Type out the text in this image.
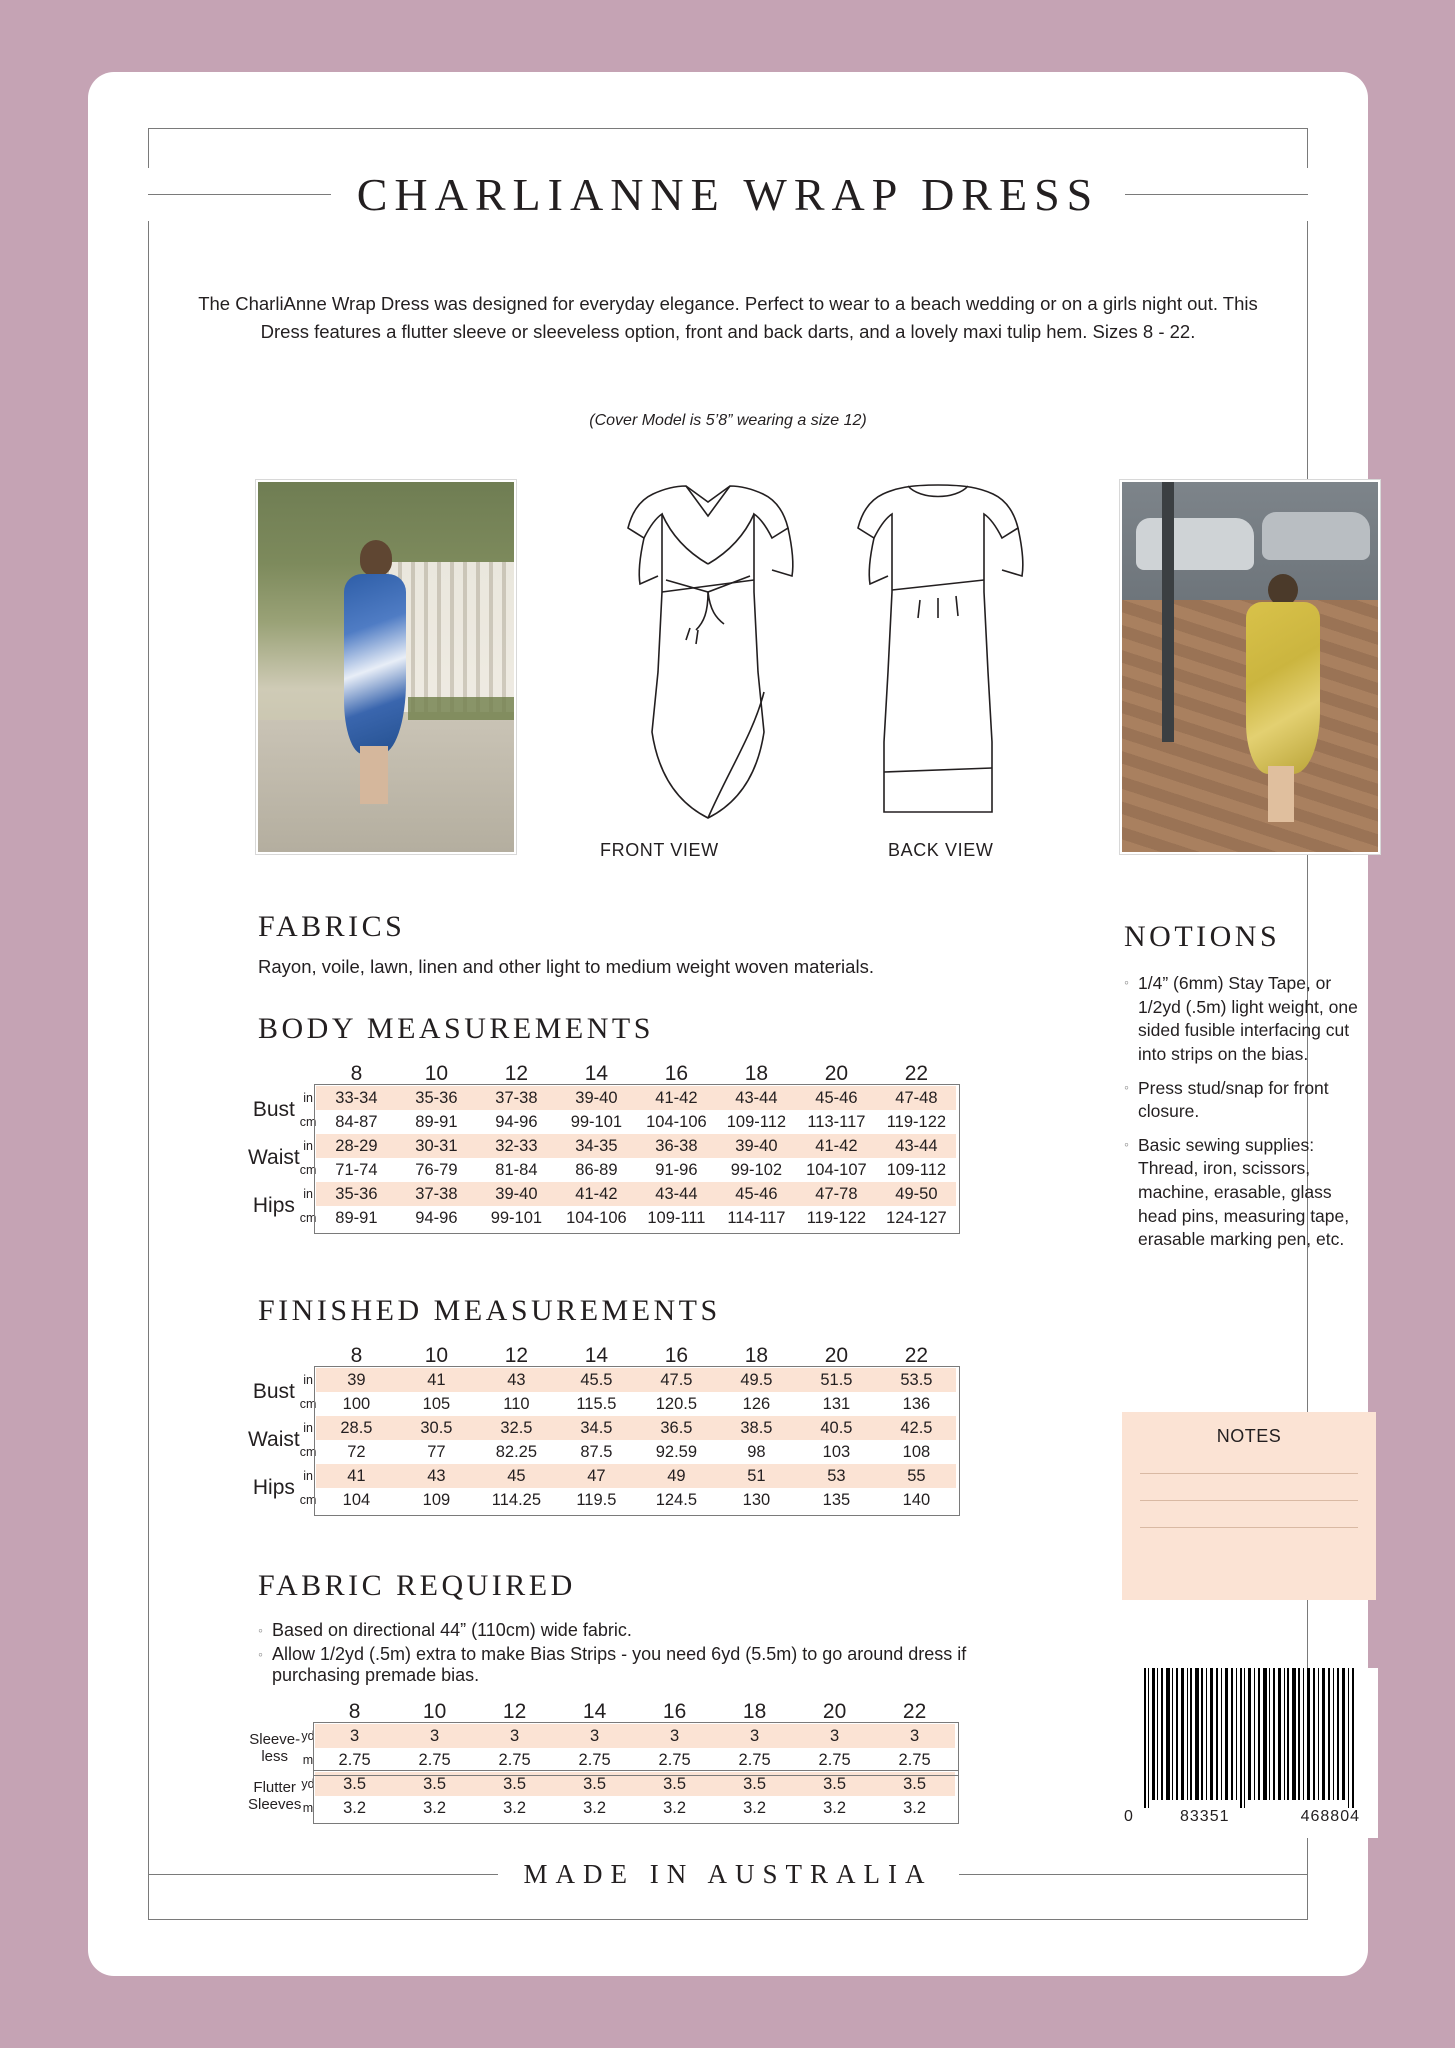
CHARLIANNE WRAP DRESS
The CharliAnne Wrap Dress was designed for everyday elegance. Perfect to wear to a beach wedding or on a girls night out. This Dress features a flutter sleeve or sleeveless option, front and back darts, and a lovely maxi tulip hem. Sizes 8 - 22.
(Cover Model is 5’8” wearing a size 12)
FRONT VIEW	BACK VIEW
FABRICS
Rayon, voile, lawn, linen and other light to medium weight woven materials.
BODY MEASUREMENTS
		8	10	12	14	16	18	20	22
Bust	in	33-34	35-36	37-38	39-40	41-42	43-44	45-46	47-48
	cm	84-87	89-91	94-96	99-101	104-106	109-112	113-117	119-122
Waist	in	28-29	30-31	32-33	34-35	36-38	39-40	41-42	43-44
	cm	71-74	76-79	81-84	86-89	91-96	99-102	104-107	109-112
Hips	in	35-36	37-38	39-40	41-42	43-44	45-46	47-78	49-50
	cm	89-91	94-96	99-101	104-106	109-111	114-117	119-122	124-127
FINISHED MEASUREMENTS
		8	10	12	14	16	18	20	22
Bust	in	39	41	43	45.5	47.5	49.5	51.5	53.5
	cm	100	105	110	115.5	120.5	126	131	136
Waist	in	28.5	30.5	32.5	34.5	36.5	38.5	40.5	42.5
	cm	72	77	82.25	87.5	92.59	98	103	108
Hips	in	41	43	45	47	49	51	53	55
	cm	104	109	114.25	119.5	124.5	130	135	140
FABRIC REQUIRED
◦ Based on directional 44” (110cm) wide fabric.
◦ Allow 1/2yd (.5m) extra to make Bias Strips - you need 6yd (5.5m) to go around dress if purchasing premade bias.
		8	10	12	14	16	18	20	22
Sleeve-
less	yd	3	3	3	3	3	3	3	3
	m	2.75	2.75	2.75	2.75	2.75	2.75	2.75	2.75
Flutter
Sleeves	yd	3.5	3.5	3.5	3.5	3.5	3.5	3.5	3.5
	m	3.2	3.2	3.2	3.2	3.2	3.2	3.2	3.2
NOTIONS
◦ 1/4” (6mm) Stay Tape, or 1/2yd (.5m) light weight, one sided fusible interfacing cut into strips on the bias.
◦ Press stud/snap for front closure.
◦ Basic sewing supplies: Thread, iron, scissors, machine, erasable, glass head pins, measuring tape, erasable marking pen, etc.
NOTES
0	83351	468804
MADE IN AUSTRALIA
